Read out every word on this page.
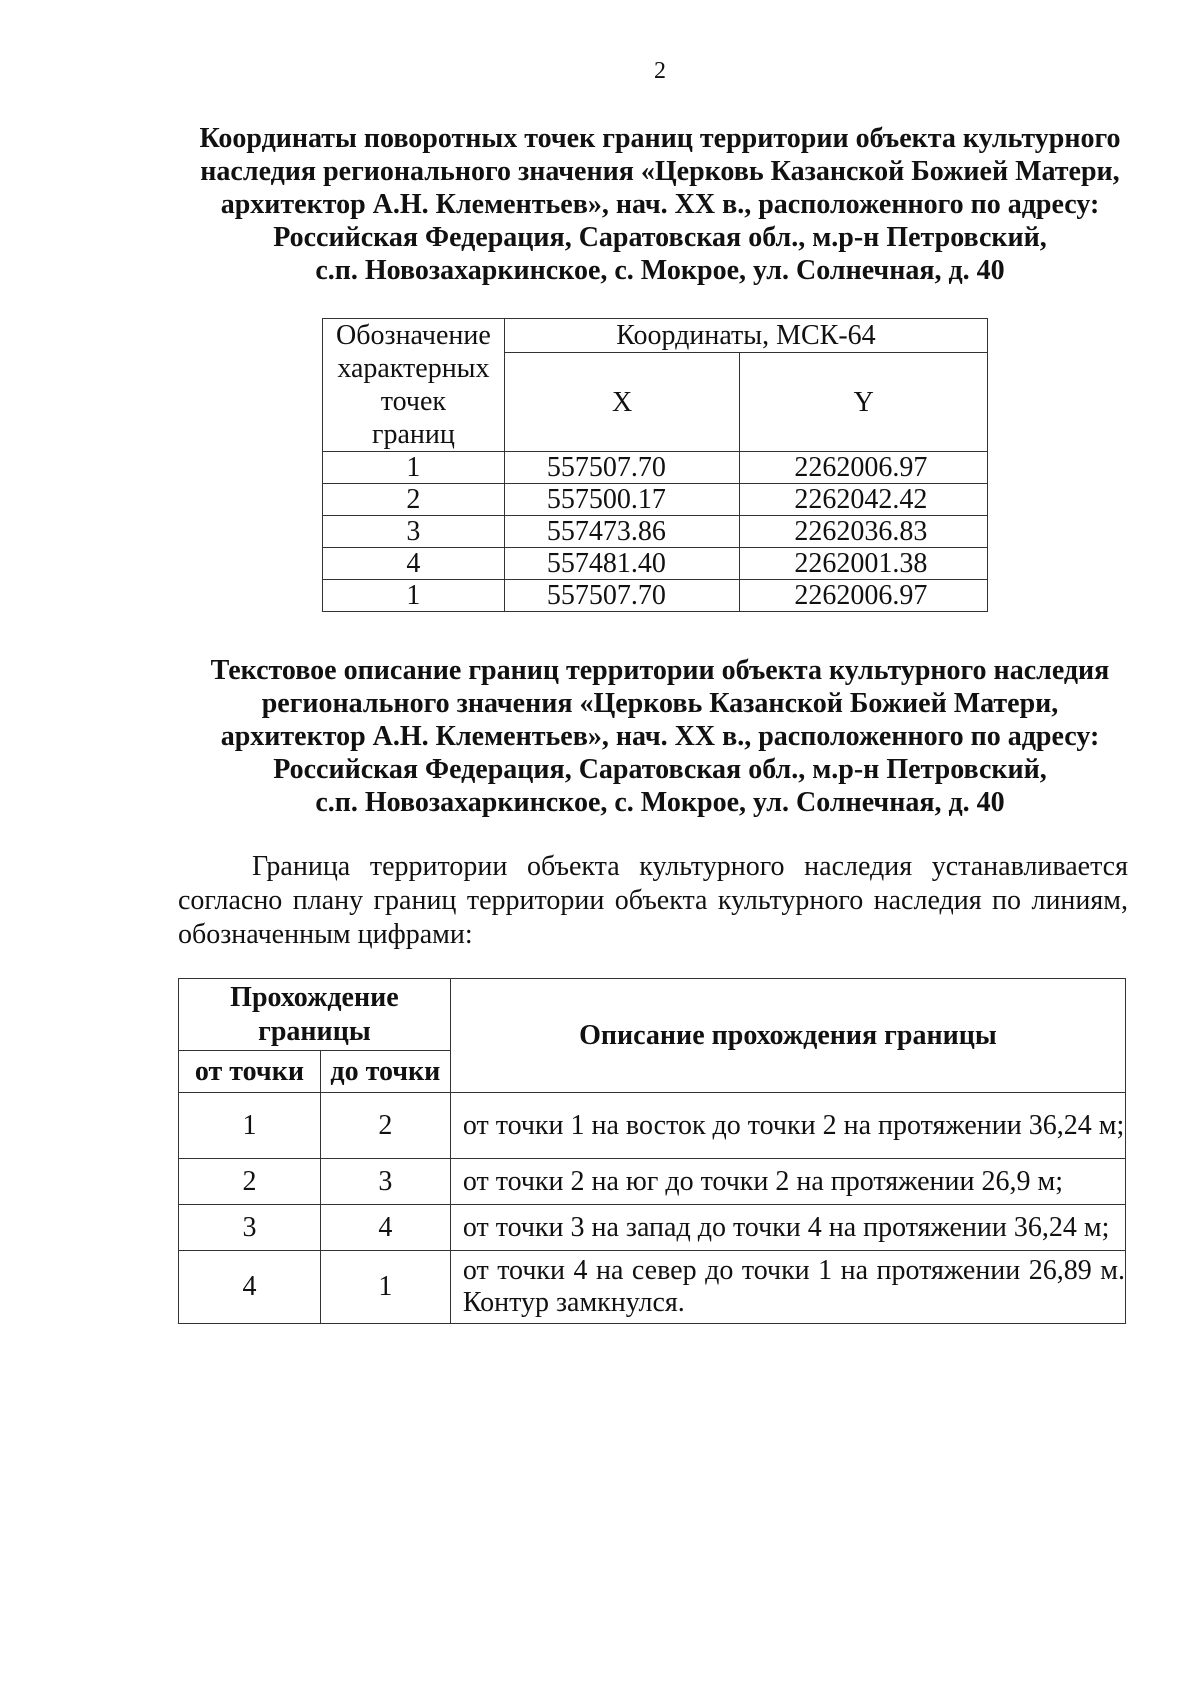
2
Координаты поворотных точек границ территории объекта культурного
наследия регионального значения «Церковь Казанской Божией Матери,
архитектор А.Н. Клементьев», нач. ХХ в., расположенного по адресу:
Российская Федерация, Саратовская обл., м.р-н Петровский,
с.п. Новозахаркинское, с. Мокрое, ул. Солнечная, д. 40
Обозначение
характерных
точек
границ	Координаты, МСК-64	
	X	Y
1	557507.70	2262006.97
2	557500.17	2262042.42
3	557473.86	2262036.83
4	557481.40	2262001.38
1	557507.70	2262006.97
Текстовое описание границ территории объекта культурного наследия
регионального значения «Церковь Казанской Божией Матери,
архитектор А.Н. Клементьев», нач. ХХ в., расположенного по адресу:
Российская Федерация, Саратовская обл., м.р-н Петровский,
с.п. Новозахаркинское, с. Мокрое, ул. Солнечная, д. 40
Граница территории объекта культурного наследия устанавливается согласно плану границ территории объекта культурного наследия по линиям, обозначенным цифрами:
Прохождение границы		Описание прохождения границы
от точки	до точки	
1	2	от точки 1 на восток до точки 2 на протяжении 36,24 м;
2	3	от точки 2 на юг до точки 2 на протяжении 26,9 м;
3	4	от точки 3 на запад до точки 4 на протяжении 36,24 м;
4	1	от точки 4 на север до точки 1 на протяжении 26,89 м. Контур замкнулся.
